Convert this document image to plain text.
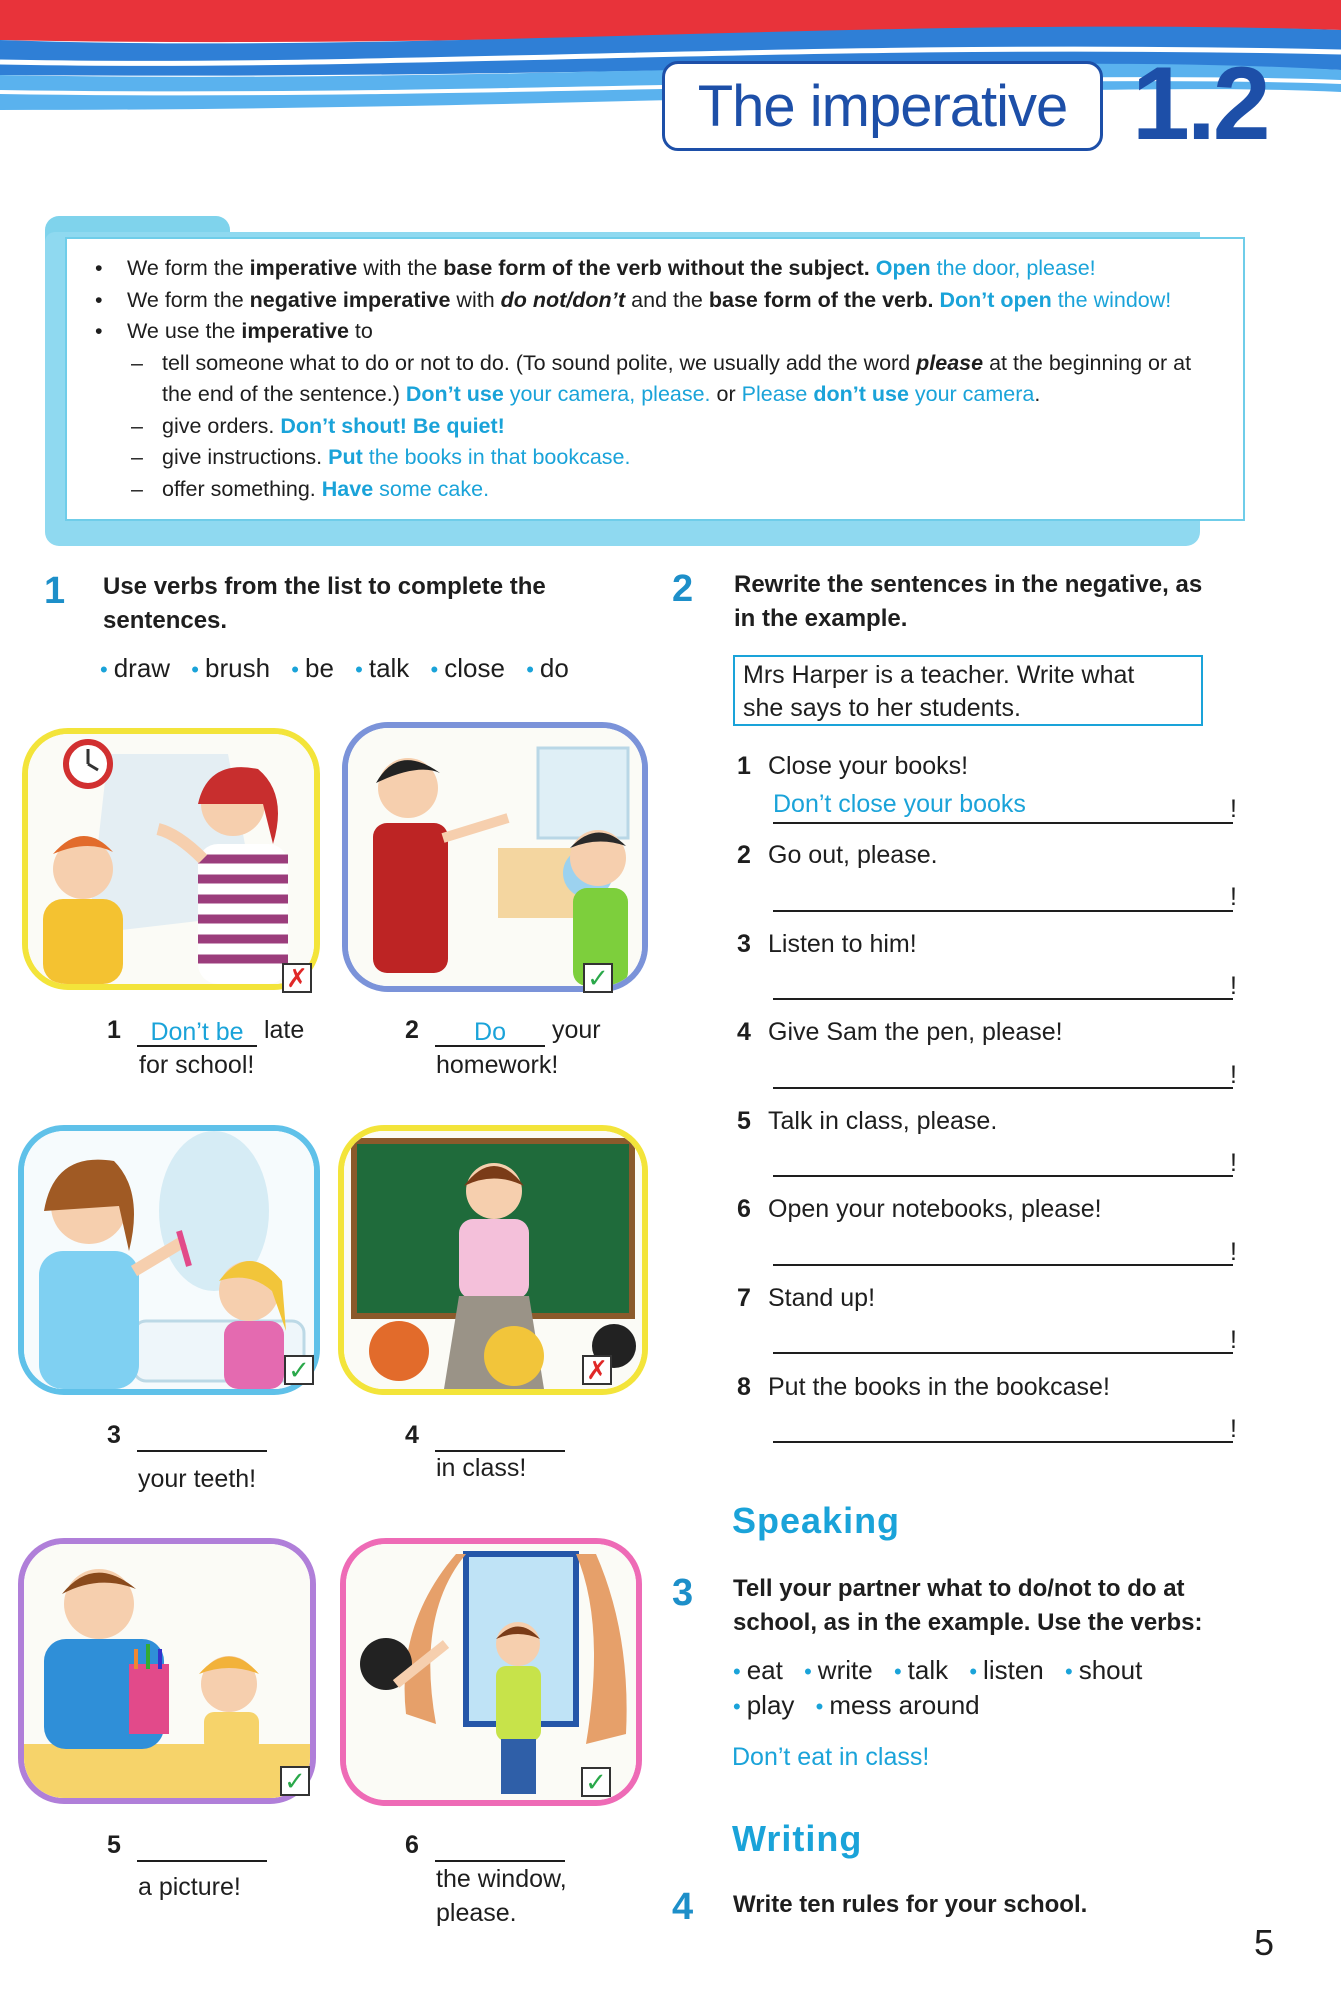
The imperative 1.2
• We form the imperative with the base form of the verb without the subject. Open the door, please!
• We form the negative imperative with do not/don’t and the base form of the verb. Don’t open the window!
• We use the imperative to
– tell someone what to do or not to do. (To sound polite, we usually add the word please at the beginning or at
the end of the sentence.) Don’t use your camera, please. or Please don’t use your camera.
– give orders. Don’t shout! Be quiet!
– give instructions. Put the books in that bookcase.
– offer something. Have some cake.
1 Use verbs from the list to complete the
sentences.
• draw • brush • be • talk • close • do
✗	✓
1 Don’t be late
for school!
2 Do your
homework!
✓	✗
3
your teeth!
4
in class!
✓	✓
5
a picture!
6
the window,
please.
2 Rewrite the sentences in the negative, as
in the example.
Mrs Harper is a teacher. Write what
she says to her students.
1 Close your books!
Don’t close your books	!
2 Go out, please.
!
3 Listen to him!
!
4 Give Sam the pen, please!
!
5 Talk in class, please.
!
6 Open your notebooks, please!
!
7 Stand up!
!
8 Put the books in the bookcase!
!
Speaking
3 Tell your partner what to do/not to do at
school, as in the example. Use the verbs:
• eat • write • talk • listen • shout
• play • mess around
Don’t eat in class!
Writing
4 Write ten rules for your school.
5
